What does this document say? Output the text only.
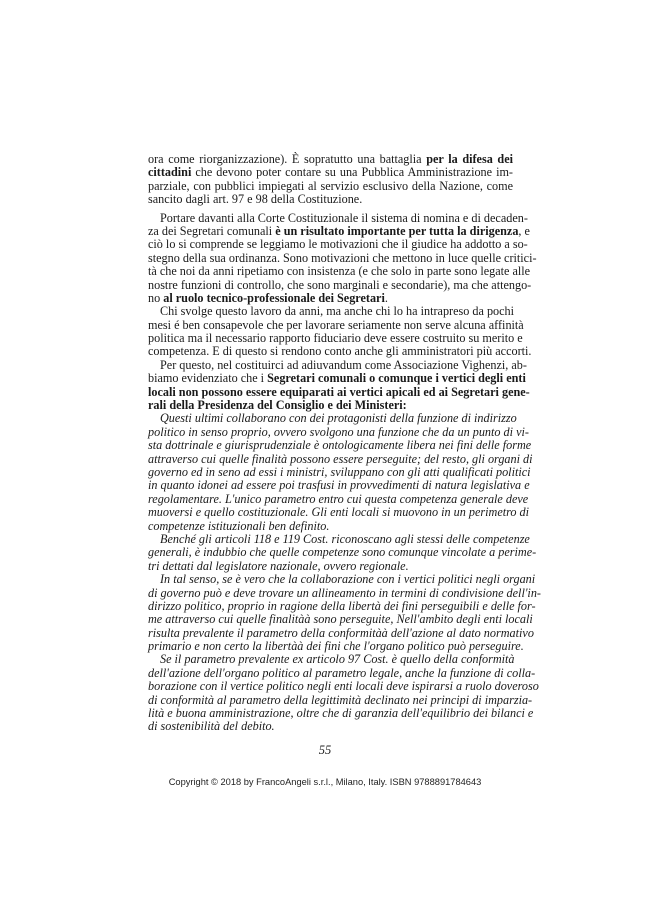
ora come riorganizzazione). È sopratutto una battaglia per la difesa dei
cittadini che devono poter contare su una Pubblica Amministrazione im-
parziale, con pubblici impiegati al servizio esclusivo della Nazione, come
sancito dagli art. 97 e 98 della Costituzione.
Portare davanti alla Corte Costituzionale il sistema di nomina e di decaden-
za dei Segretari comunali è un risultato importante per tutta la dirigenza, e
ciò lo si comprende se leggiamo le motivazioni che il giudice ha addotto a so-
stegno della sua ordinanza. Sono motivazioni che mettono in luce quelle critici-
tà che noi da anni ripetiamo con insistenza (e che solo in parte sono legate alle
nostre funzioni di controllo, che sono marginali e secondarie), ma che attengo-
no al ruolo tecnico-professionale dei Segretari.
Chi svolge questo lavoro da anni, ma anche chi lo ha intrapreso da pochi
mesi é ben consapevole che per lavorare seriamente non serve alcuna affinità
politica ma il necessario rapporto fiduciario deve essere costruito su merito e
competenza. E di questo si rendono conto anche gli amministratori più accorti.
Per questo, nel costituirci ad adiuvandum come Associazione Vighenzi, ab-
biamo evidenziato che i Segretari comunali o comunque i vertici degli enti
locali non possono essere equiparati ai vertici apicali ed ai Segretari gene-
rali della Presidenza del Consiglio e dei Ministeri:
Questi ultimi collaborano con dei protagonisti della funzione di indirizzo
politico in senso proprio, ovvero svolgono una funzione che da un punto di vi-
sta dottrinale e giurisprudenziale è ontologicamente libera nei fini delle forme
attraverso cui quelle finalità possono essere perseguite; del resto, gli organi di
governo ed in seno ad essi i ministri, sviluppano con gli atti qualificati politici
in quanto idonei ad essere poi trasfusi in provvedimenti di natura legislativa e
regolamentare. L'unico parametro entro cui questa competenza generale deve
muoversi e quello costituzionale. Gli enti locali si muovono in un perimetro di
competenze istituzionali ben definito.
Benché gli articoli 118 e 119 Cost. riconoscano agli stessi delle competenze
generali, è indubbio che quelle competenze sono comunque vincolate a perime-
tri dettati dal legislatore nazionale, ovvero regionale.
In tal senso, se è vero che la collaborazione con i vertici politici negli organi
di governo può e deve trovare un allineamento in termini di condivisione dell'in-
dirizzo politico, proprio in ragione della libertà dei fini perseguibili e delle for-
me attraverso cui quelle finalitàà sono perseguite, Nell'ambito degli enti locali
risulta prevalente il parametro della conformitàà dell'azione al dato normativo
primario e non certo la libertàà dei fini che l'organo politico può perseguire.
Se il parametro prevalente ex articolo 97 Cost. è quello della conformità
dell'azione dell'organo politico al parametro legale, anche la funzione di colla-
borazione con il vertice politico negli enti locali deve ispirarsi a ruolo doveroso
di conformità al parametro della legittimità declinato nei principi di imparzia-
lità e buona amministrazione, oltre che di garanzia dell'equilibrio dei bilanci e
di sostenibilità del debito.
55
Copyright © 2018 by FrancoAngeli s.r.l., Milano, Italy. ISBN 9788891784643
